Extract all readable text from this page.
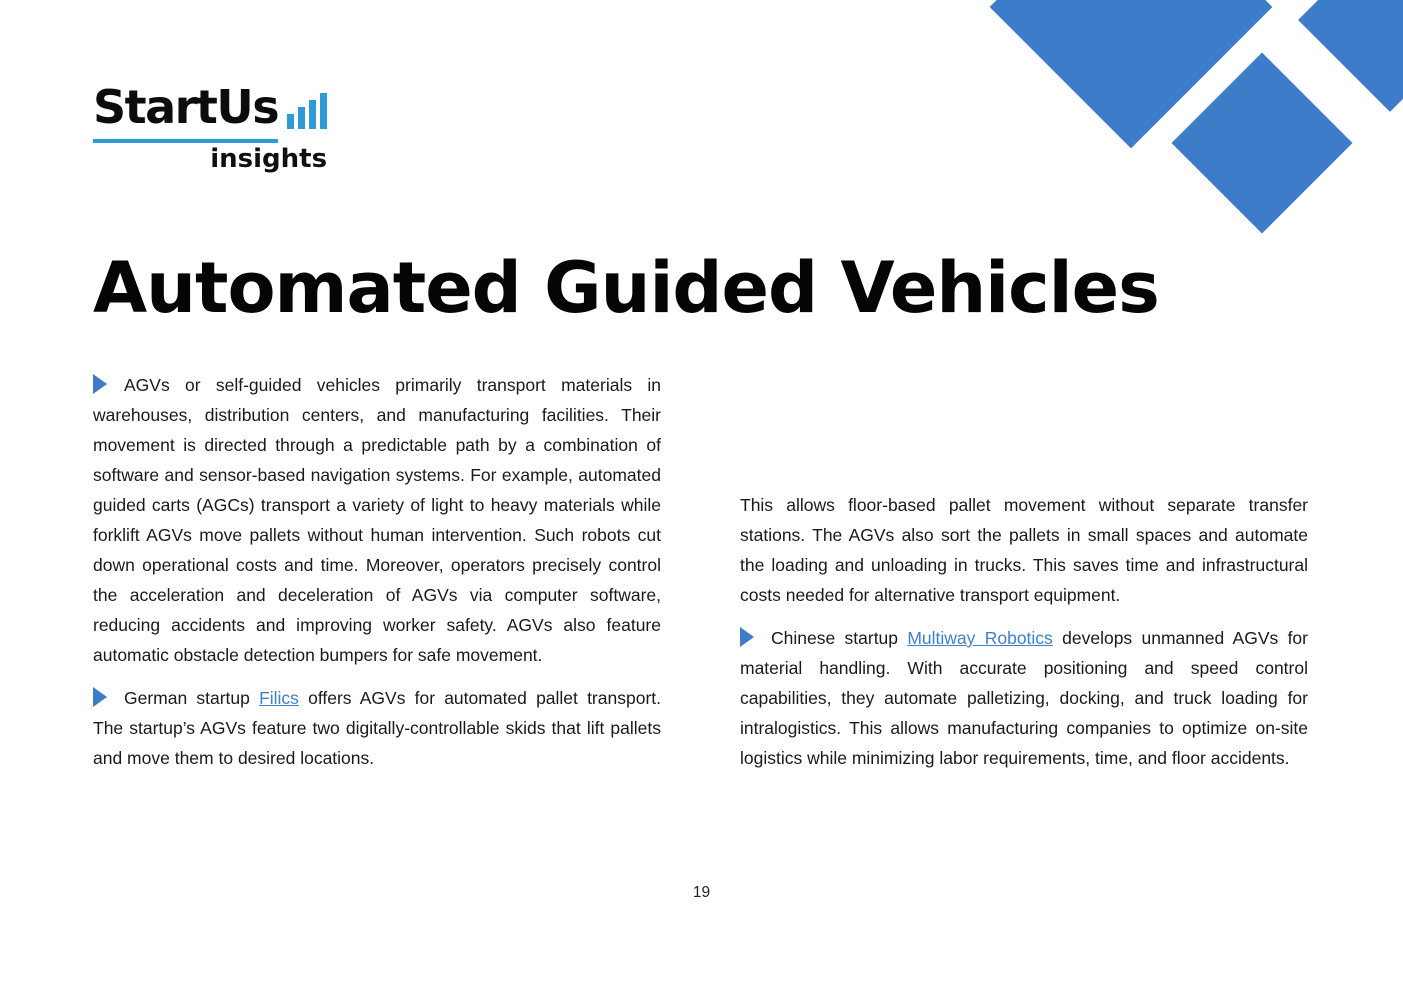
StartUs
insights
Automated Guided Vehicles

AGVs or self-guided vehicles primarily transport materials in warehouses, distribution centers, and manufacturing facilities. Their movement is directed through a predictable path by a combination of software and sensor-based navigation systems. For example, automated guided carts (AGCs) transport a variety of light to heavy materials while forklift AGVs move pallets without human intervention. Such robots cut down operational costs and time. Moreover, operators precisely control the acceleration and deceleration of AGVs via computer software, reducing accidents and improving worker safety. AGVs also feature automatic obstacle detection bumpers for safe movement.

German startup Filics offers AGVs for automated pallet transport. The startup’s AGVs feature two digitally-controllable skids that lift pallets and move them to desired locations.

This allows floor-based pallet movement without separate transfer stations. The AGVs also sort the pallets in small spaces and automate the loading and unloading in trucks. This saves time and infrastructural costs needed for alternative transport equipment.

Chinese startup Multiway Robotics develops unmanned AGVs for material handling. With accurate positioning and speed control capabilities, they automate palletizing, docking, and truck loading for intralogistics. This allows manufacturing companies to optimize on-site logistics while minimizing labor requirements, time, and floor accidents.

19
